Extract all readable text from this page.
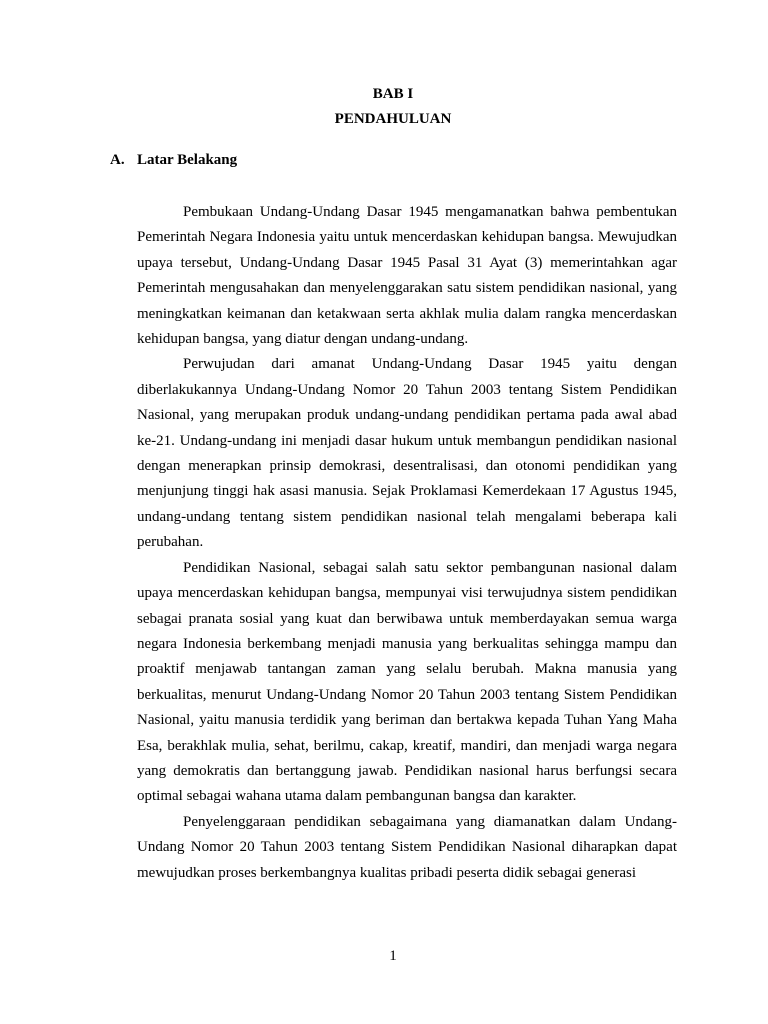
BAB I
PENDAHULUAN
A. Latar Belakang

Pembukaan Undang-Undang Dasar 1945 mengamanatkan bahwa pembentukan Pemerintah Negara Indonesia yaitu untuk mencerdaskan kehidupan bangsa. Mewujudkan upaya tersebut, Undang-Undang Dasar 1945 Pasal 31 Ayat (3) memerintahkan agar Pemerintah mengusahakan dan menyelenggarakan satu sistem pendidikan nasional, yang meningkatkan keimanan dan ketakwaan serta akhlak mulia dalam rangka mencerdaskan kehidupan bangsa, yang diatur dengan undang-undang.

Perwujudan dari amanat Undang-Undang Dasar 1945 yaitu dengan diberlakukannya Undang-Undang Nomor 20 Tahun 2003 tentang Sistem Pendidikan Nasional, yang merupakan produk undang-undang pendidikan pertama pada awal abad ke-21. Undang-undang ini menjadi dasar hukum untuk membangun pendidikan nasional dengan menerapkan prinsip demokrasi, desentralisasi, dan otonomi pendidikan yang menjunjung tinggi hak asasi manusia. Sejak Proklamasi Kemerdekaan 17 Agustus 1945, undang-undang tentang sistem pendidikan nasional telah mengalami beberapa kali perubahan.

Pendidikan Nasional, sebagai salah satu sektor pembangunan nasional dalam upaya mencerdaskan kehidupan bangsa, mempunyai visi terwujudnya sistem pendidikan sebagai pranata sosial yang kuat dan berwibawa untuk memberdayakan semua warga negara Indonesia berkembang menjadi manusia yang berkualitas sehingga mampu dan proaktif menjawab tantangan zaman yang selalu berubah. Makna manusia yang berkualitas, menurut Undang-Undang Nomor 20 Tahun 2003 tentang Sistem Pendidikan Nasional, yaitu manusia terdidik yang beriman dan bertakwa kepada Tuhan Yang Maha Esa, berakhlak mulia, sehat, berilmu, cakap, kreatif, mandiri, dan menjadi warga negara yang demokratis dan bertanggung jawab. Pendidikan nasional harus berfungsi secara optimal sebagai wahana utama dalam pembangunan bangsa dan karakter.

Penyelenggaraan pendidikan sebagaimana yang diamanatkan dalam Undang-Undang Nomor 20 Tahun 2003 tentang Sistem Pendidikan Nasional diharapkan dapat mewujudkan proses berkembangnya kualitas pribadi peserta didik sebagai generasi

1
